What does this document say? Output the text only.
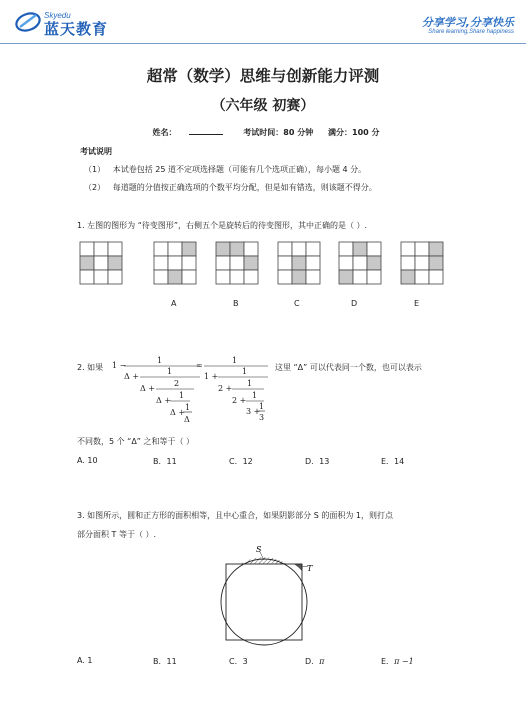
Skyedu
蓝天教育	分享学习,分享快乐
Share learning,Share happiness
超常（数学）思维与创新能力评测
（六年级 初赛）
姓名：	考试时间：80 分钟 满分：100 分
考试说明
（1） 本试卷包括 25 道不定项选择题（可能有几个选项正确），每小题 4 分。
（2） 每道题的分值按正确选项的个数平均分配，但是如有错选，则该题不得分。
1. 左图的图形为 “待变图形”，右侧五个是旋转后的待变图形，其中正确的是（ ）.
A	B	C	D	E
2. 如果 1 −
1
Δ +
1
Δ +
2
Δ +
1
Δ +
1
Δ
=
1
1 +
1
2 +
1
2 +
1
3 +
1
3
这里 “Δ” 可以代表同一个数，也可以表示
不同数，5 个 “Δ” 之和等于（ ）
A. 10	B．11	C．12	D．13	E．14
3. 如图所示，圆和正方形的面积相等，且中心重合，如果阴影部分 S 的面积为 1，则打点
部分面积 T 等于（ ）.
S
T
A. 1	B．11	C．3	D．π	E．π −1
